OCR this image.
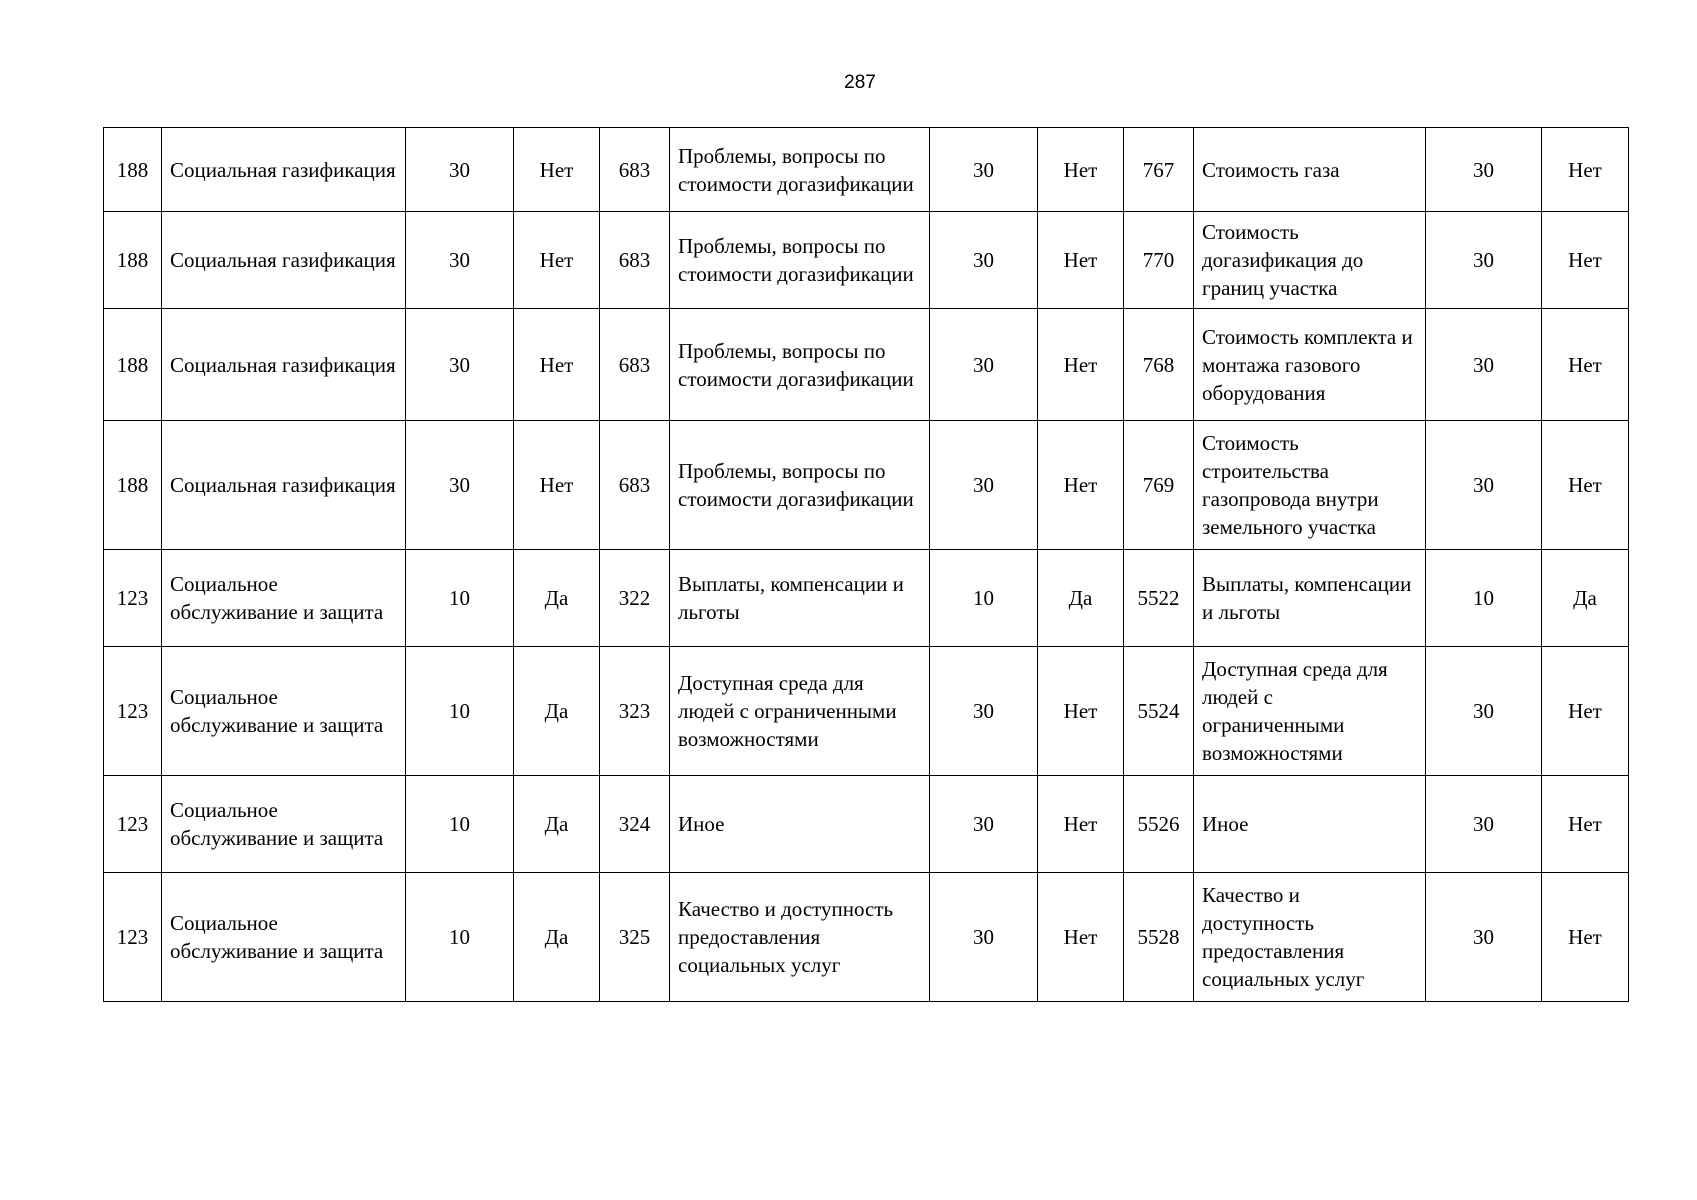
287
188	Социальная газификация	30	Нет	683	Проблемы, вопросы по стоимости догазификации	30	Нет	767	Стоимость газа	30	Нет
188	Социальная газификация	30	Нет	683	Проблемы, вопросы по стоимости догазификации	30	Нет	770	Стоимость догазификация до границ участка	30	Нет
188	Социальная газификация	30	Нет	683	Проблемы, вопросы по стоимости догазификации	30	Нет	768	Стоимость комплекта и монтажа газового оборудования	30	Нет
188	Социальная газификация	30	Нет	683	Проблемы, вопросы по стоимости догазификации	30	Нет	769	Стоимость строительства газопровода внутри земельного участка	30	Нет
123	Социальное обслуживание и защита	10	Да	322	Выплаты, компенсации и льготы	10	Да	5522	Выплаты, компенсации и льготы	10	Да
123	Социальное обслуживание и защита	10	Да	323	Доступная среда для людей с ограниченными возможностями	30	Нет	5524	Доступная среда для людей с ограниченными возможностями	30	Нет
123	Социальное обслуживание и защита	10	Да	324	Иное	30	Нет	5526	Иное	30	Нет
123	Социальное обслуживание и защита	10	Да	325	Качество и доступность предоставления социальных услуг	30	Нет	5528	Качество и доступность предоставления социальных услуг	30	Нет
